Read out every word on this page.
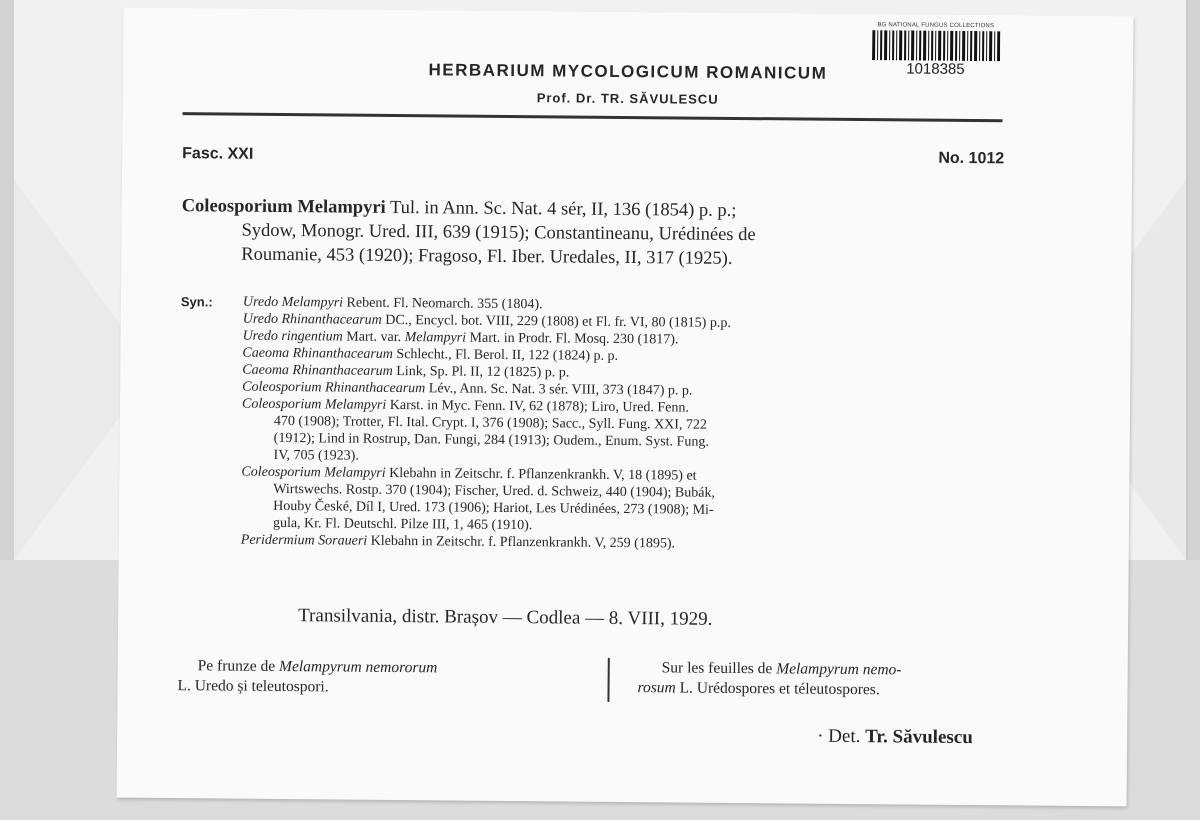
BG NATIONAL FUNGUS COLLECTIONS
1018385
HERBARIUM MYCOLOGICUM ROMANICUM
Prof. Dr. TR. SĂVULESCU
Fasc. XXI	No. 1012
Coleosporium Melampyri Tul. in Ann. Sc. Nat. 4 sér, II, 136 (1854) p. p.;
Sydow, Monogr. Ured. III, 639 (1915); Constantineanu, Urédinées de
Roumanie, 453 (1920); Fragoso, Fl. Iber. Uredales, II, 317 (1925).
Syn.: Uredo Melampyri Rebent. Fl. Neomarch. 355 (1804).

Uredo Rhinanthacearum DC., Encycl. bot. VIII, 229 (1808) et Fl. fr. VI, 80 (1815) p.p.

Uredo ringentium Mart. var. Melampyri Mart. in Prodr. Fl. Mosq. 230 (1817).

Caeoma Rhinanthacearum Schlecht., Fl. Berol. II, 122 (1824) p. p.

Caeoma Rhinanthacearum Link, Sp. Pl. II, 12 (1825) p. p.

Coleosporium Rhinanthacearum Lév., Ann. Sc. Nat. 3 sér. VIII, 373 (1847) p. p.

Coleosporium Melampyri Karst. in Myc. Fenn. IV, 62 (1878); Liro, Ured. Fenn.
470 (1908); Trotter, Fl. Ital. Crypt. I, 376 (1908); Sacc., Syll. Fung. XXI, 722
(1912); Lind in Rostrup, Dan. Fungi, 284 (1913); Oudem., Enum. Syst. Fung.
IV, 705 (1923).

Coleosporium Melampyri Klebahn in Zeitschr. f. Pflanzenkrankh. V, 18 (1895) et
Wirtswechs. Rostp. 370 (1904); Fischer, Ured. d. Schweiz, 440 (1904); Bubák,
Houby České, Díl I, Ured. 173 (1906); Hariot, Les Urédinées, 273 (1908); Mi-
gula, Kr. Fl. Deutschl. Pilze III, 1, 465 (1910).

Peridermium Soraueri Klebahn in Zeitschr. f. Pflanzenkrankh. V, 259 (1895).

Transilvania, distr. Brașov — Codlea — 8. VIII, 1929.
Pe frunze de Melampyrum nemororum
L. Uredo și teleutospori.
Sur les feuilles de Melampyrum nemo-
rosum L. Urédospores et téleutospores.
· Det. Tr. Săvulescu
